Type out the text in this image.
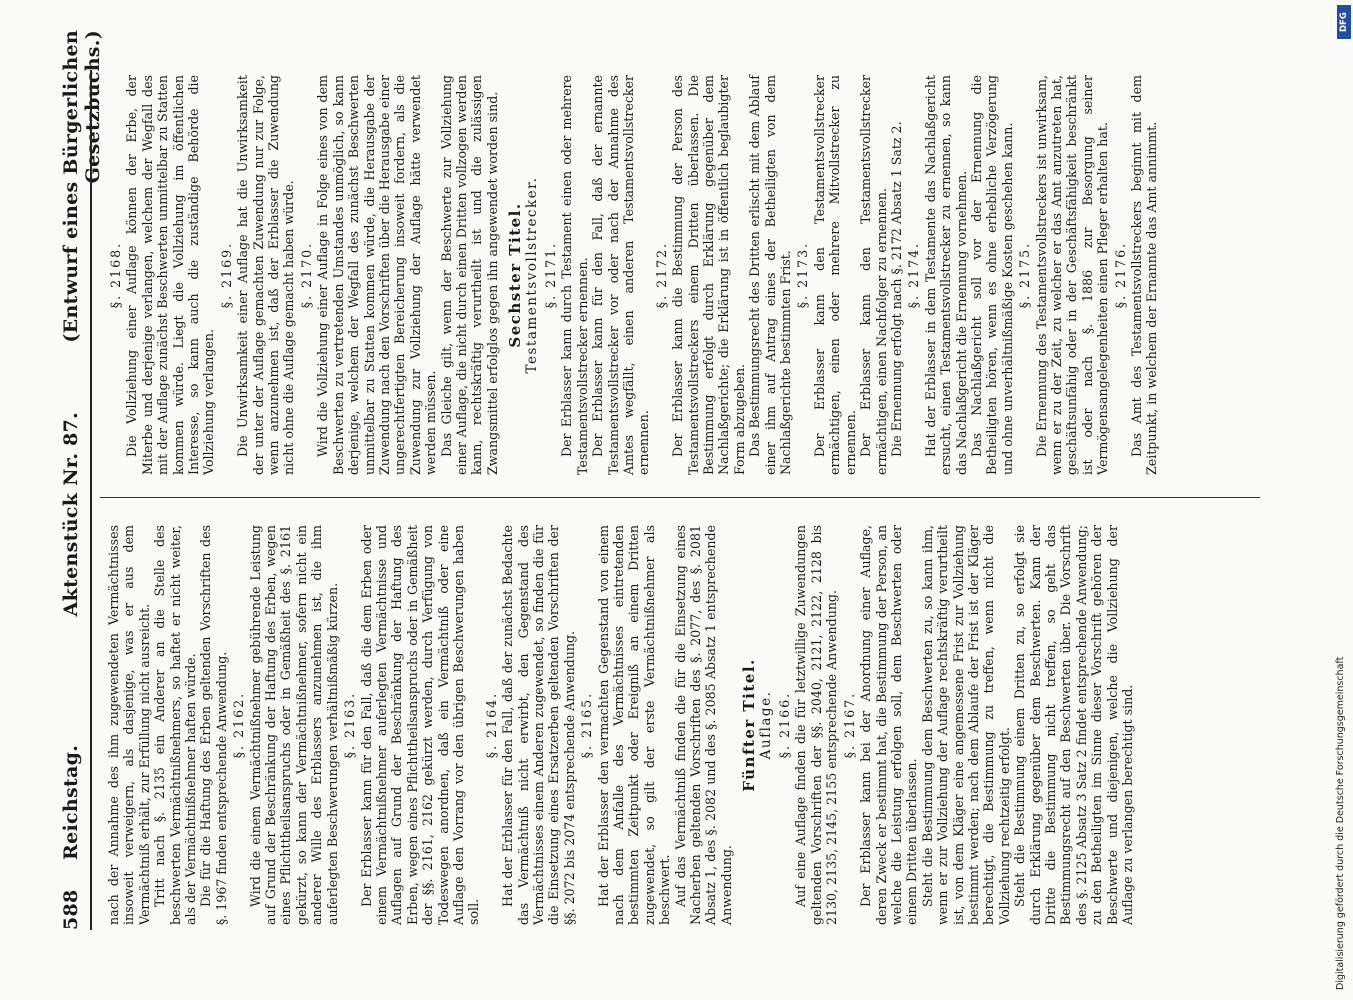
588
Reichstag.
Aktenstück Nr. 87.
(Entwurf eines Bürgerlichen Gesetzbuchs.)

nach der Annahme des ihm zugewendeten Vermächtnisses insoweit verweigern, als dasjenige, was er aus dem Vermächtniß erhält, zur Erfüllung nicht ausreicht. Tritt nach §. 2135 ein Anderer an die Stelle des beschwerten Vermächtnißnehmers, so haftet er nicht weiter, als der Vermächtnißnehmer haften würde. Die für die Haftung des Erben geltenden Vorschriften des §. 1967 finden entsprechende Anwendung. §. 2162. Wird die einem Vermächtnißnehmer gebührende Leistung auf Grund der Beschränkung der Haftung des Erben, wegen eines Pflichttheilsanspruchs oder in Gemäßheit des §. 2161 gekürzt, so kann der Vermächtnißnehmer, sofern nicht ein anderer Wille des Erblassers anzunehmen ist, die ihm auferlegten Beschwerungen verhältnißmäßig kürzen. §. 2163. Der Erblasser kann für den Fall, daß die dem Erben oder einem Vermächtnißnehmer auferlegten Vermächtnisse und Auflagen auf Grund der Beschränkung der Haftung des Erben, wegen eines Pflichttheilsanspruchs oder in Gemäßheit der §§. 2161, 2162 gekürzt werden, durch Verfügung von Todeswegen anordnen, daß ein Vermächtniß oder eine Auflage den Vorrang vor den übrigen Beschwerungen haben soll.

§. 2164. Hat der Erblasser für den Fall, daß der zunächst Bedachte das Vermächtniß nicht erwirbt, den Gegenstand des Vermächtnisses einem Anderen zugewendet, so finden die für die Einsetzung eines Ersatzerben geltenden Vorschriften der §§. 2072 bis 2074 entsprechende Anwendung. §. 2165. Hat der Erblasser den vermachten Gegenstand von einem nach dem Anfalle des Vermächtnisses eintretenden bestimmten Zeitpunkt oder Ereigniß an einem Dritten zugewendet, so gilt der erste Vermächtnißnehmer als beschwert. Auf das Vermächtniß finden die für die Einsetzung eines Nacherben geltenden Vorschriften des §. 2077, des §. 2081 Absatz 1, des §. 2082 und des §. 2085 Absatz 1 entsprechende Anwendung.

Fünfter Titel. Auflage. §. 2166. Auf eine Auflage finden die für letztwillige Zuwendungen geltenden Vorschriften der §§. 2040, 2121, 2122, 2128 bis 2130, 2135, 2145, 2155 entsprechende Anwendung. §. 2167. Der Erblasser kann bei der Anordnung einer Auflage, deren Zweck er bestimmt hat, die Bestimmung der Person, an welche die Leistung erfolgen soll, dem Beschwerten oder einem Dritten überlassen. Steht die Bestimmung dem Beschwerten zu, so kann ihm, wenn er zur Vollziehung der Auflage rechtskräftig verurtheilt ist, von dem Kläger eine angemessene Frist zur Vollziehung bestimmt werden; nach dem Ablaufe der Frist ist der Kläger berechtigt, die Bestimmung zu treffen, wenn nicht die Vollziehung rechtzeitig erfolgt. Steht die Bestimmung einem Dritten zu, so erfolgt sie durch Erklärung gegenüber dem Beschwerten. Kann der Dritte die Bestimmung nicht treffen, so geht das Bestimmungsrecht auf den Beschwerten über. Die Vorschrift des §. 2125 Absatz 3 Satz 2 findet entsprechende Anwendung; zu den Betheiligten im Sinne dieser Vorschrift gehören der Beschwerte und diejenigen, welche die Vollziehung der Auflage zu verlangen berechtigt sind.

§. 2168. Die Vollziehung einer Auflage können der Erbe, der Miterbe und derjenige verlangen, welchem der Wegfall des mit der Auflage zunächst Beschwerten unmittelbar zu Statten kommen würde. Liegt die Vollziehung im öffentlichen Interesse, so kann auch die zuständige Behörde die Vollziehung verlangen.

§. 2169. Die Unwirksamkeit einer Auflage hat die Unwirksamkeit der unter der Auflage gemachten Zuwendung nur zur Folge, wenn anzunehmen ist, daß der Erblasser die Zuwendung nicht ohne die Auflage gemacht haben würde. §. 2170. Wird die Vollziehung einer Auflage in Folge eines von dem Beschwerten zu vertretenden Umstandes unmöglich, so kann derjenige, welchem der Wegfall des zunächst Beschwerten unmittelbar zu Statten kommen würde, die Herausgabe der Zuwendung nach den Vorschriften über die Herausgabe einer ungerechtfertigten Bereicherung insoweit fordern, als die Zuwendung zur Vollziehung der Auflage hätte verwendet werden müssen. Das Gleiche gilt, wenn der Beschwerte zur Vollziehung einer Auflage, die nicht durch einen Dritten vollzogen werden kann, rechtskräftig verurtheilt ist und die zulässigen Zwangsmittel erfolglos gegen ihn angewendet worden sind. Sechster Titel. Testamentsvollstrecker. §. 2171. Der Erblasser kann durch Testament einen oder mehrere Testamentsvollstrecker ernennen. Der Erblasser kann für den Fall, daß der ernannte Testamentsvollstrecker vor oder nach der Annahme des Amtes wegfällt, einen anderen Testamentsvollstrecker ernennen.

§. 2172. Der Erblasser kann die Bestimmung der Person des Testamentsvollstreckers einem Dritten überlassen. Die Bestimmung erfolgt durch Erklärung gegenüber dem Nachlaßgerichte; die Erklärung ist in öffentlich beglaubigter Form abzugeben. Das Bestimmungsrecht des Dritten erlischt mit dem Ablauf einer ihm auf Antrag eines der Betheiligten von dem Nachlaßgerichte bestimmten Frist. §. 2173. Der Erblasser kann den Testamentsvollstrecker ermächtigen, einen oder mehrere Mitvollstrecker zu ernennen. Der Erblasser kann den Testamentsvollstrecker ermächtigen, einen Nachfolger zu ernennen. Die Ernennung erfolgt nach §. 2172 Absatz 1 Satz 2. §. 2174. Hat der Erblasser in dem Testamente das Nachlaßgericht ersucht, einen Testamentsvollstrecker zu ernennen, so kann das Nachlaßgericht die Ernennung vornehmen. Das Nachlaßgericht soll vor der Ernennung die Betheiligten hören, wenn es ohne erhebliche Verzögerung und ohne unverhältnißmäßige Kosten geschehen kann. §. 2175. Die Ernennung des Testamentsvollstreckers ist unwirksam, wenn er zu der Zeit, zu welcher er das Amt anzutreten hat, geschäftsunfähig oder in der Geschäftsfähigkeit beschränkt ist oder nach §. 1886 zur Besorgung seiner Vermögensangelegenheiten einen Pfleger erhalten hat. §. 2176. Das Amt des Testamentsvollstreckers beginnt mit dem Zeitpunkt, in welchem der Ernannte das Amt annimmt.

DFG
Digitalisierung gefördert durch die Deutsche Forschungsgemeinschaft
